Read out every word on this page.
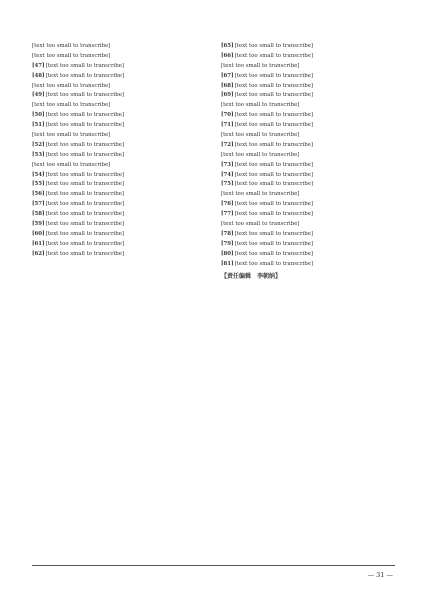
[text too small to transcribe]
[text too small to transcribe]
[47][text too small to transcribe]
[48][text too small to transcribe]
[text too small to transcribe]
[49][text too small to transcribe]
[text too small to transcribe]
[50][text too small to transcribe]
[51][text too small to transcribe]
[text too small to transcribe]
[52][text too small to transcribe]
[53][text too small to transcribe]
[text too small to transcribe]
[54][text too small to transcribe]
[55][text too small to transcribe]
[56][text too small to transcribe]
[57][text too small to transcribe]
[58][text too small to transcribe]
[59][text too small to transcribe]
[60][text too small to transcribe]
[61][text too small to transcribe]
[62][text too small to transcribe]
[65][text too small to transcribe]
[66][text too small to transcribe]
[text too small to transcribe]
[67][text too small to transcribe]
[68][text too small to transcribe]
[69][text too small to transcribe]
[text too small to transcribe]
[70][text too small to transcribe]
[71][text too small to transcribe]
[text too small to transcribe]
[72][text too small to transcribe]
[text too small to transcribe]
[73][text too small to transcribe]
[74][text too small to transcribe]
[75][text too small to transcribe]
[text too small to transcribe]
[76][text too small to transcribe]
[77][text too small to transcribe]
[text too small to transcribe]
[78][text too small to transcribe]
[79][text too small to transcribe]
[80][text too small to transcribe]
[81][text too small to transcribe]
【责任编辑　李朝纳】
— 31 —
